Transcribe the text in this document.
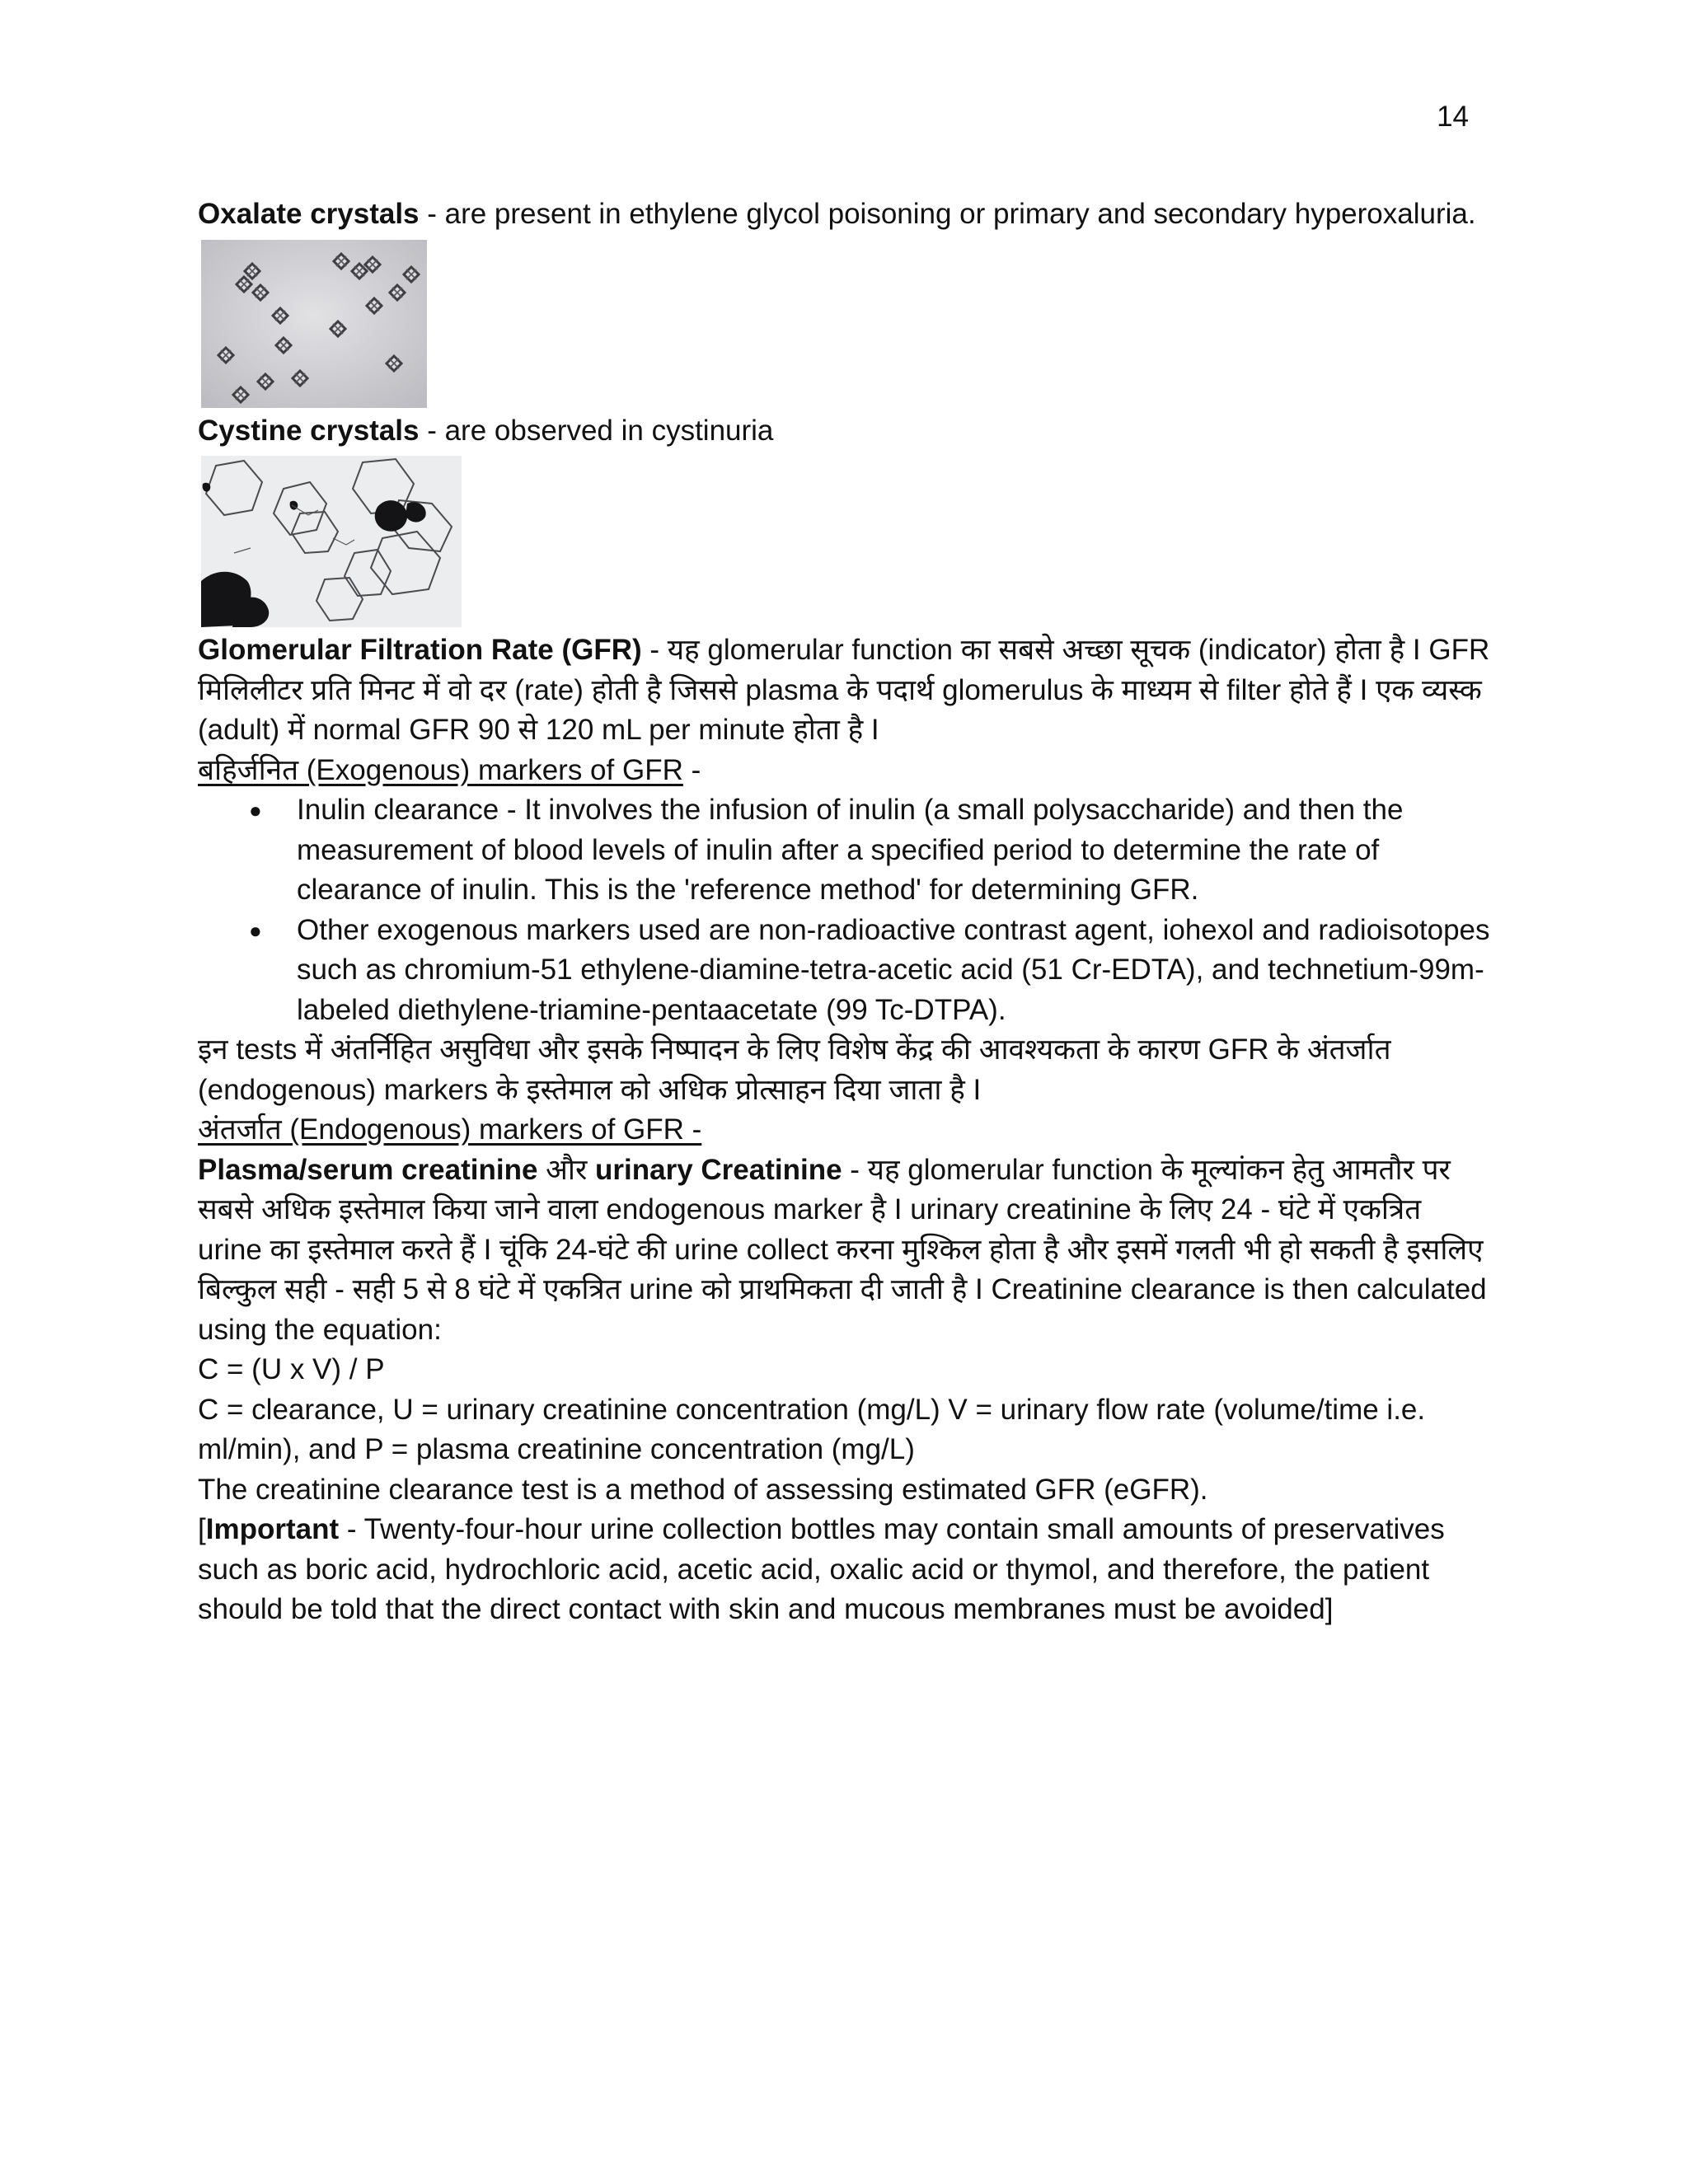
14

Oxalate crystals - are present in ethylene glycol poisoning or primary and secondary hyperoxaluria.

Cystine crystals - are observed in cystinuria

Glomerular Filtration Rate (GFR) - यह glomerular function का सबसे अच्छा सूचक (indicator) होता है I GFR मिलिलीटर प्रति मिनट में वो दर (rate) होती है जिससे plasma के पदार्थ glomerulus के माध्यम से filter होते हैं I एक व्यस्क (adult) में normal GFR 90 से 120 mL per minute होता है I

बहिर्जनित (Exogenous) markers of GFR -

● Inulin clearance - It involves the infusion of inulin (a small polysaccharide) and then the measurement of blood levels of inulin after a specified period to determine the rate of clearance of inulin. This is the 'reference method' for determining GFR.
● Other exogenous markers used are non-radioactive contrast agent, iohexol and radioisotopes such as chromium-51 ethylene-diamine-tetra-acetic acid (51 Cr-EDTA), and technetium-99m-labeled diethylene-triamine-pentaacetate (99 Tc-DTPA).

इन tests में अंतर्निहित असुविधा और इसके निष्पादन के लिए विशेष केंद्र की आवश्यकता के कारण GFR के अंतर्जात (endogenous) markers के इस्तेमाल को अधिक प्रोत्साहन दिया जाता है I

अंतर्जात (Endogenous) markers of GFR -

Plasma/serum creatinine और urinary Creatinine - यह glomerular function के मूल्यांकन हेतु आमतौर पर सबसे अधिक इस्तेमाल किया जाने वाला endogenous marker है I urinary creatinine के लिए 24 - घंटे में एकत्रित urine का इस्तेमाल करते हैं I चूंकि 24-घंटे की urine collect करना मुश्किल होता है और इसमें गलती भी हो सकती है इसलिए बिल्कुल सही - सही 5 से 8 घंटे में एकत्रित urine को प्राथमिकता दी जाती है I Creatinine clearance is then calculated using the equation:

C = (U x V) / P

C = clearance, U = urinary creatinine concentration (mg/L) V = urinary flow rate (volume/time i.e. ml/min), and P = plasma creatinine concentration (mg/L)

The creatinine clearance test is a method of assessing estimated GFR (eGFR).

[Important - Twenty-four-hour urine collection bottles may contain small amounts of preservatives such as boric acid, hydrochloric acid, acetic acid, oxalic acid or thymol, and therefore, the patient should be told that the direct contact with skin and mucous membranes must be avoided]
